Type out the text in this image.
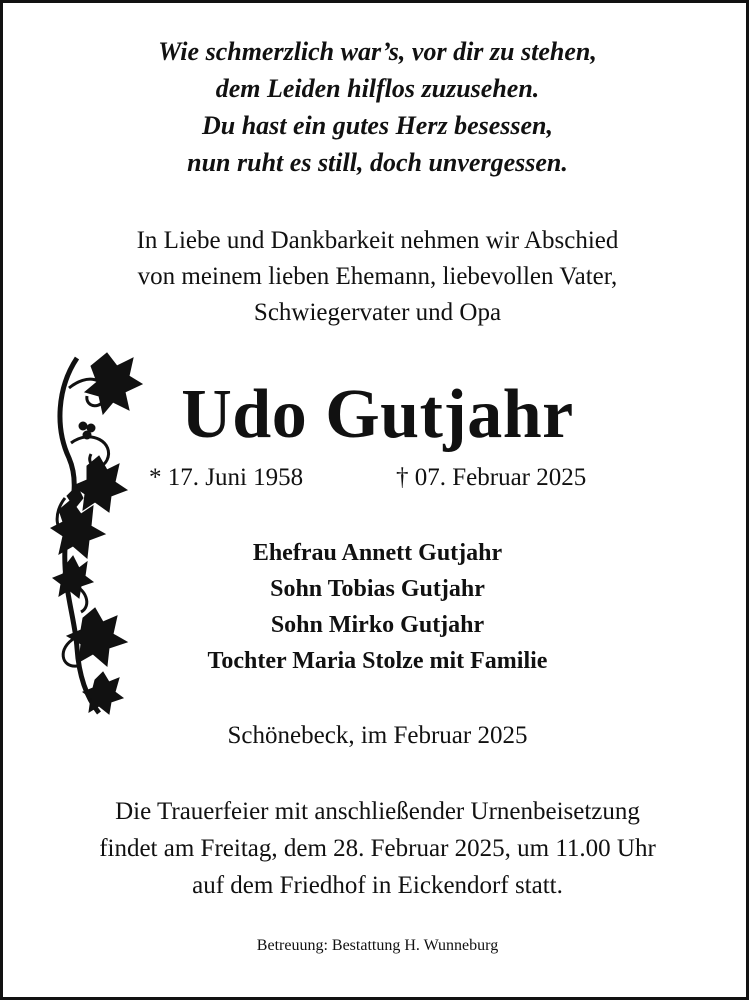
Wie schmerzlich war’s, vor dir zu stehen,
dem Leiden hilflos zuzusehen.
Du hast ein gutes Herz besessen,
nun ruht es still, doch unvergessen.
In Liebe und Dankbarkeit nehmen wir Abschied
von meinem lieben Ehemann, liebevollen Vater,
Schwiegervater und Opa
Udo Gutjahr
* 17. Juni 1958	† 07. Februar 2025
Ehefrau Annett Gutjahr
Sohn Tobias Gutjahr
Sohn Mirko Gutjahr
Tochter Maria Stolze mit Familie
Schönebeck, im Februar 2025
Die Trauerfeier mit anschließender Urnenbeisetzung
findet am Freitag, dem 28. Februar 2025, um 11.00 Uhr
auf dem Friedhof in Eickendorf statt.
Betreuung: Bestattung H. Wunneburg
